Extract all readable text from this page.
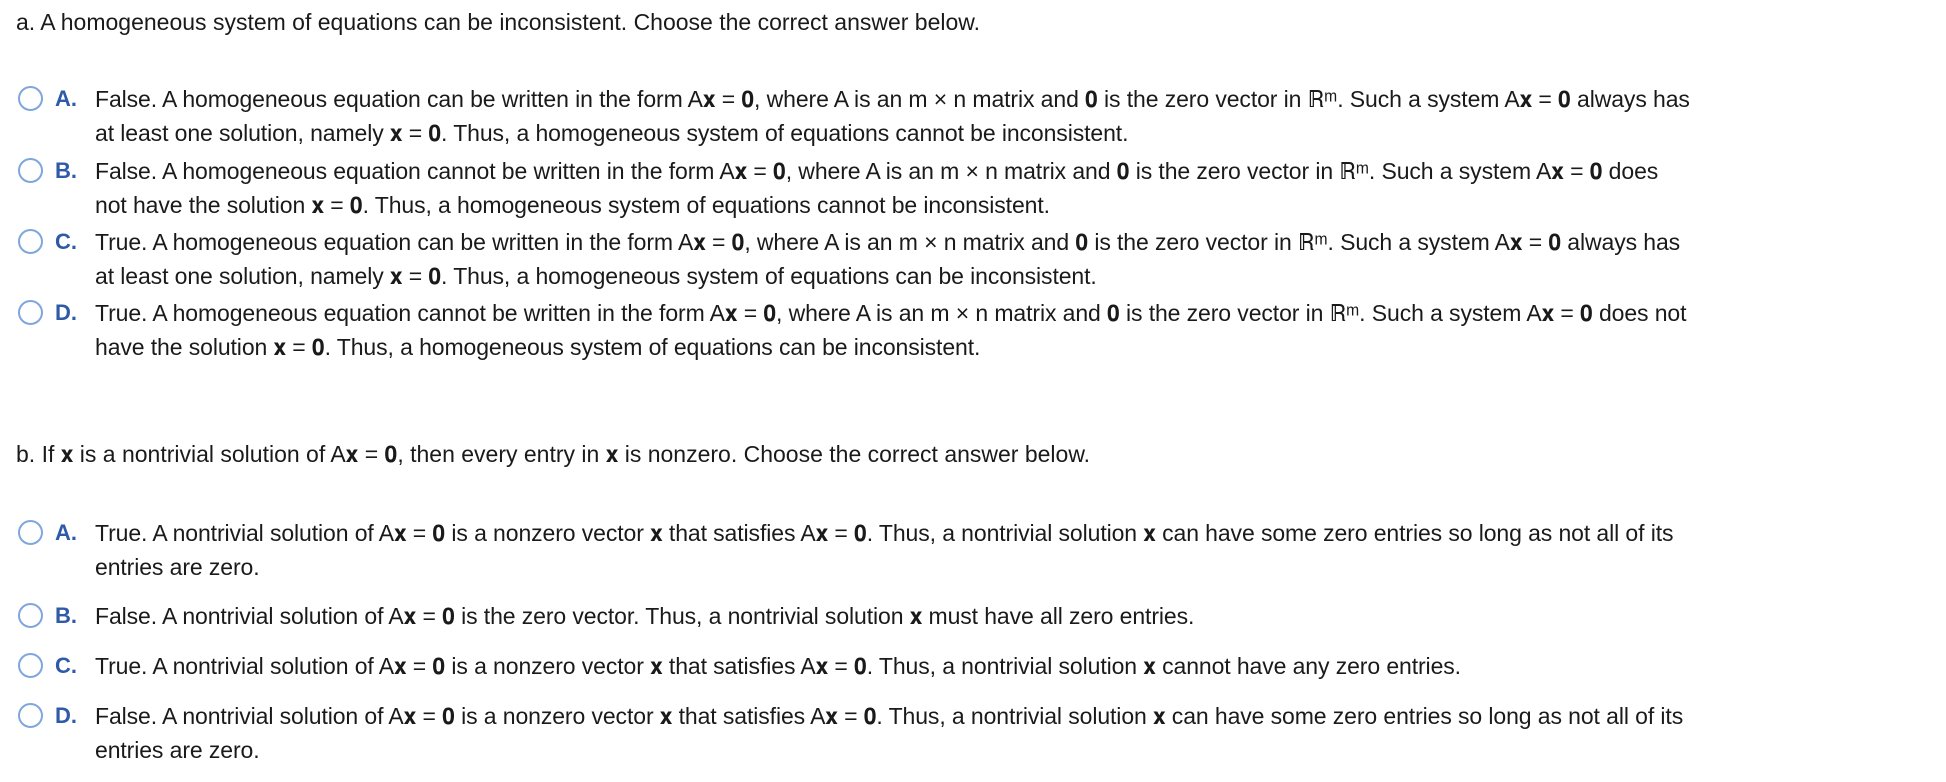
a. A homogeneous system of equations can be inconsistent. Choose the correct answer below.
A. False. A homogeneous equation can be written in the form A𝐱 = 𝟎, where A is an m × n matrix and 𝟎 is the zero vector in ℝᵐ. Such a system A𝐱 = 𝟎 always has
at least one solution, namely 𝐱 = 𝟎. Thus, a homogeneous system of equations cannot be inconsistent.
B. False. A homogeneous equation cannot be written in the form A𝐱 = 𝟎, where A is an m × n matrix and 𝟎 is the zero vector in ℝᵐ. Such a system A𝐱 = 𝟎 does
not have the solution 𝐱 = 𝟎. Thus, a homogeneous system of equations cannot be inconsistent.
C. True. A homogeneous equation can be written in the form A𝐱 = 𝟎, where A is an m × n matrix and 𝟎 is the zero vector in ℝᵐ. Such a system A𝐱 = 𝟎 always has
at least one solution, namely 𝐱 = 𝟎. Thus, a homogeneous system of equations can be inconsistent.
D. True. A homogeneous equation cannot be written in the form A𝐱 = 𝟎, where A is an m × n matrix and 𝟎 is the zero vector in ℝᵐ. Such a system A𝐱 = 𝟎 does not
have the solution 𝐱 = 𝟎. Thus, a homogeneous system of equations can be inconsistent.
b. If 𝐱 is a nontrivial solution of A𝐱 = 𝟎, then every entry in 𝐱 is nonzero. Choose the correct answer below.
A. True. A nontrivial solution of A𝐱 = 𝟎 is a nonzero vector 𝐱 that satisfies A𝐱 = 𝟎. Thus, a nontrivial solution 𝐱 can have some zero entries so long as not all of its
entries are zero.
B. False. A nontrivial solution of A𝐱 = 𝟎 is the zero vector. Thus, a nontrivial solution 𝐱 must have all zero entries.
C. True. A nontrivial solution of A𝐱 = 𝟎 is a nonzero vector 𝐱 that satisfies A𝐱 = 𝟎. Thus, a nontrivial solution 𝐱 cannot have any zero entries.
D. False. A nontrivial solution of A𝐱 = 𝟎 is a nonzero vector 𝐱 that satisfies A𝐱 = 𝟎. Thus, a nontrivial solution 𝐱 can have some zero entries so long as not all of its
entries are zero.
